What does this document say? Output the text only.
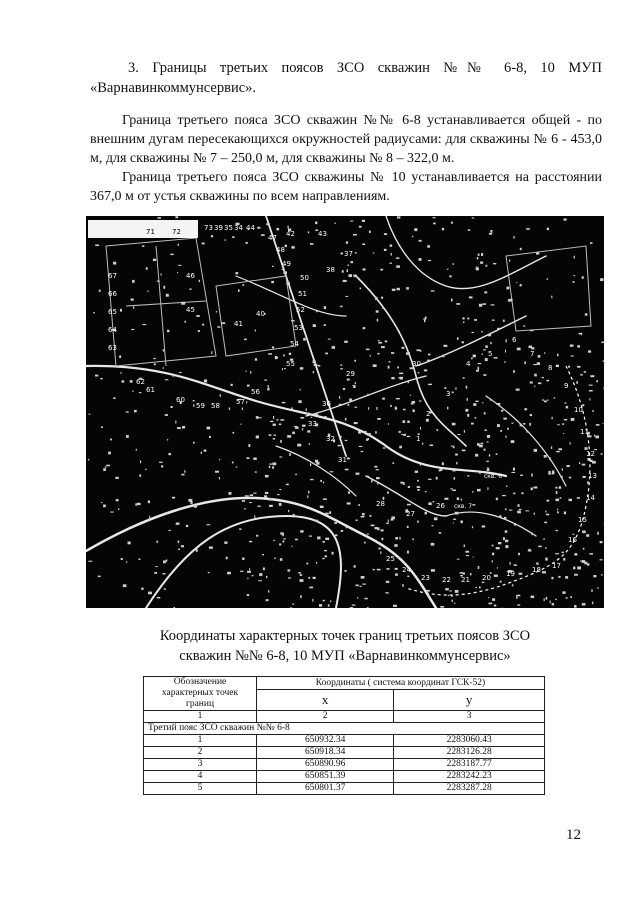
3. Границы третьих поясов ЗСО скважин №№ 6-8, 10 МУП «Варнавинкоммунсервис».
Граница третьего пояса ЗСО скважин №№ 6-8 устанавливается общей - по внешним дугам пересекающихся окружностей радиусами: для скважины № 6 - 453,0 м, для скважины № 7 – 250,0 м, для скважины № 8 – 322,0 м.
Граница третьего пояса ЗСО скважины № 10 устанавливается на расстоянии 367,0 м от устья скважины по всем направлениям.
71 72	73 39 35 34 44
67
66
65
64
63
62
61
60
59 58 57
56
55
54
53
52
51
50
49
48
47
46
45
43
42
41
40
38
37
36
33
32
31
30
29
28
27
26
25
24
23 22 21 20 19 18 17
16
15
14
13
12
11
10
9
8
7
6
5
4
3
2
1
скв. 6
скв. 7
Координаты характерных точек границ третьих поясов ЗСО
скважин №№ 6-8, 10 МУП «Варнавинкоммунсервис»
Обозначение характерных точек границ	Координаты ( система координат ГСК-52)	
	x	y
1	2	3
Третий пояс ЗСО скважин №№ 6-8		
1	650932.34	2283060.43
2	650918.34	2283126.28
3	650890.96	2283187.77
4	650851.39	2283242.23
5	650801.37	2283287.28
12
